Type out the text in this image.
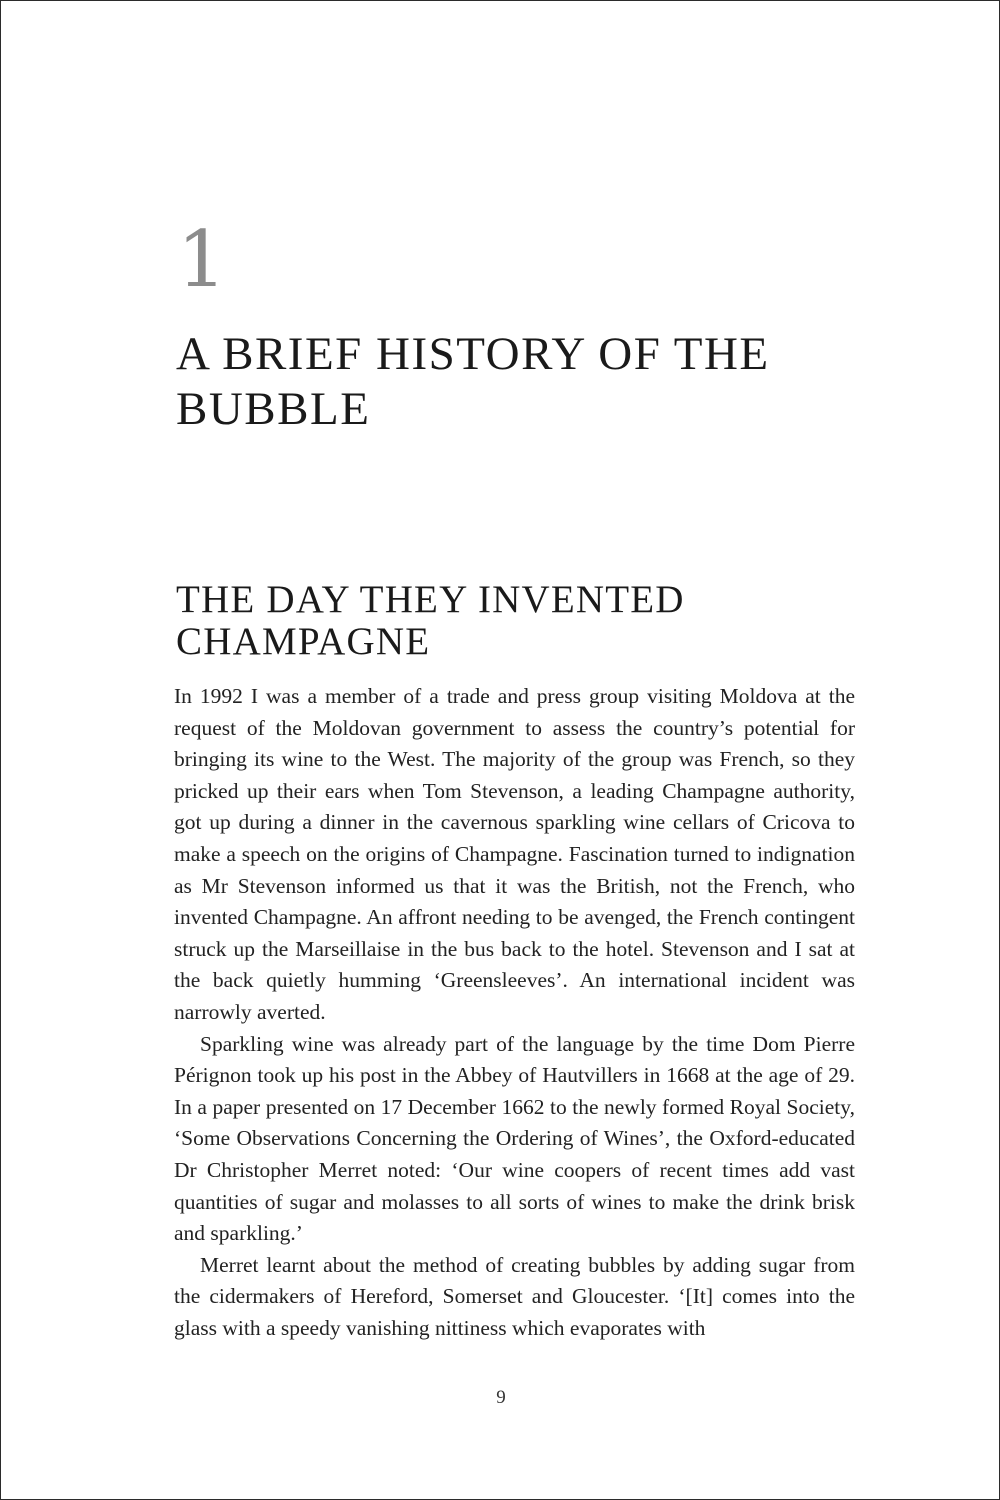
1
A BRIEF HISTORY OF THE BUBBLE
THE DAY THEY INVENTED CHAMPAGNE

In 1992 I was a member of a trade and press group visiting Moldova at the request of the Moldovan government to assess the country’s potential for bringing its wine to the West. The majority of the group was French, so they pricked up their ears when Tom Stevenson, a leading Champagne authority, got up during a dinner in the cavernous sparkling wine cellars of Cricova to make a speech on the origins of Champagne. Fascination turned to indignation as Mr Stevenson informed us that it was the British, not the French, who invented Champagne. An affront needing to be avenged, the French contingent struck up the Marseillaise in the bus back to the hotel. Stevenson and I sat at the back quietly humming ‘Greensleeves’. An international incident was narrowly averted.

Sparkling wine was already part of the language by the time Dom Pierre Pérignon took up his post in the Abbey of Hautvillers in 1668 at the age of 29. In a paper presented on 17 December 1662 to the newly formed Royal Society, ‘Some Observations Concerning the Ordering of Wines’, the Oxford-educated Dr Christopher Merret noted: ‘Our wine coopers of recent times add vast quantities of sugar and molasses to all sorts of wines to make the drink brisk and sparkling.’

Merret learnt about the method of creating bubbles by adding sugar from the cidermakers of Hereford, Somerset and Gloucester. ‘[It] comes into the glass with a speedy vanishing nittiness which evaporates with

9
